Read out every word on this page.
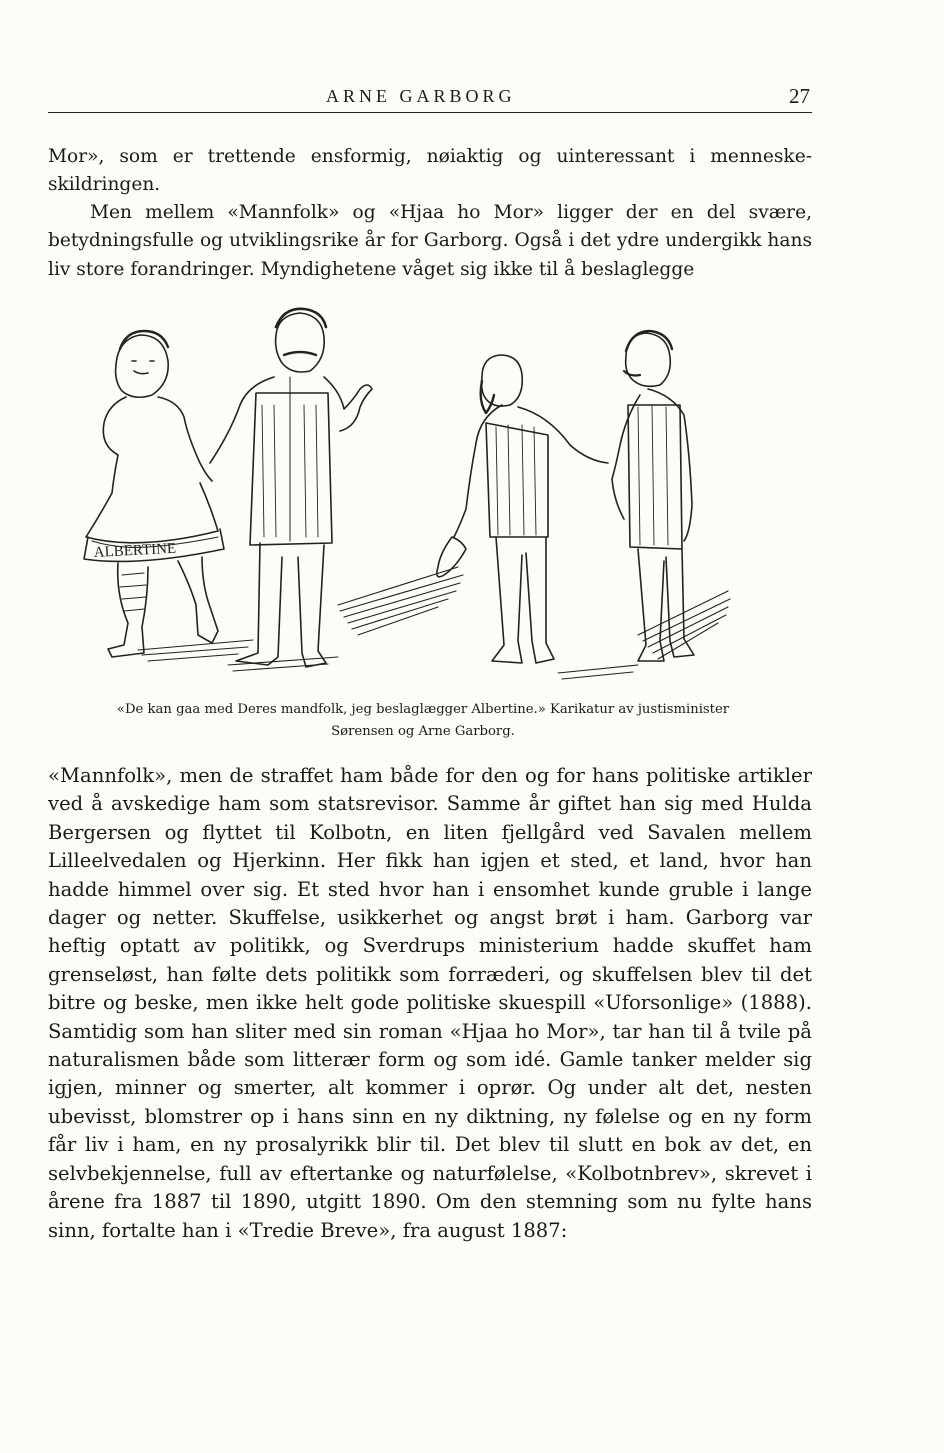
ARNE GARBORG	27

Mor», som er trettende ensformig, nøiaktig og uinteressant i menneske-skildringen.

Men mellem «Mannfolk» og «Hjaa ho Mor» ligger der en del svære, betydningsfulle og utviklingsrike år for Garborg. Også i det ydre undergikk hans liv store forandringer. Myndighetene våget sig ikke til å beslaglegge

ALBERTINE

«De kan gaa med Deres mandfolk, jeg beslaglægger Albertine.» Karikatur av justisminister
Sørensen og Arne Garborg.

«Mannfolk», men de straffet ham både for den og for hans politiske artikler ved å avskedige ham som statsrevisor. Samme år giftet han sig med Hulda Bergersen og flyttet til Kolbotn, en liten fjellgård ved Savalen mellem Lilleelvedalen og Hjerkinn. Her fikk han igjen et sted, et land, hvor han hadde himmel over sig. Et sted hvor han i ensomhet kunde gruble i lange dager og netter. Skuffelse, usikkerhet og angst brøt i ham. Garborg var heftig optatt av politikk, og Sverdrups ministerium hadde skuffet ham grenseløst, han følte dets politikk som forræderi, og skuffelsen blev til det bitre og beske, men ikke helt gode politiske skuespill «Uforsonlige» (1888). Samtidig som han sliter med sin roman «Hjaa ho Mor», tar han til å tvile på naturalismen både som litterær form og som idé. Gamle tanker melder sig igjen, minner og smerter, alt kommer i oprør. Og under alt det, nesten ubevisst, blomstrer op i hans sinn en ny diktning, ny følelse og en ny form får liv i ham, en ny prosalyrikk blir til. Det blev til slutt en bok av det, en selvbekjennelse, full av eftertanke og naturfølelse, «Kolbotnbrev», skrevet i årene fra 1887 til 1890, utgitt 1890. Om den stemning som nu fylte hans sinn, fortalte han i «Tredie Breve», fra august 1887:
